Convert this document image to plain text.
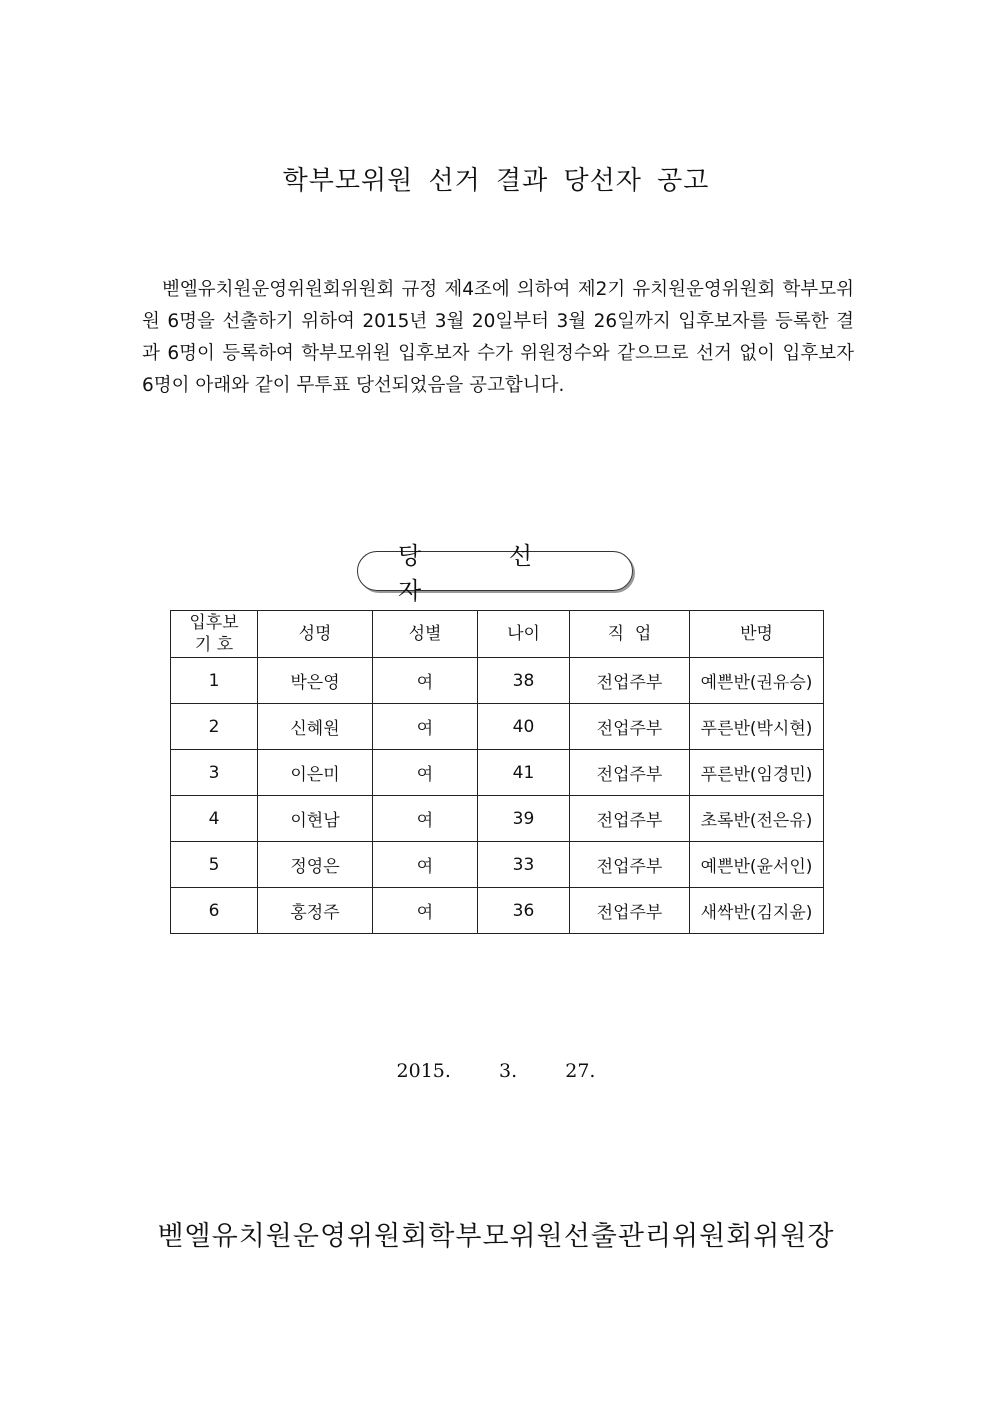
학부모위원 선거 결과 당선자 공고

벧엘유치원운영위원회위원회 규정 제4조에 의하여 제2기 유치원운영위원회 학부모위원 6명을 선출하기 위하여 2015년 3월 20일부터 3월 26일까지 입후보자를 등록한 결과 6명이 등록하여 학부모위원 입후보자 수가 위원정수와 같으므로 선거 없이 입후보자 6명이 아래와 같이 무투표 당선되었음을 공고합니다.

당 선 자
입후보
기 호	성명	성별	나이	직  업	반명
1	박은영	여	38	전업주부	예쁜반(권유승)
2	신혜원	여	40	전업주부	푸른반(박시현)
3	이은미	여	41	전업주부	푸른반(임경민)
4	이현남	여	39	전업주부	초록반(전은유)
5	정영은	여	33	전업주부	예쁜반(윤서인)
6	홍정주	여	36	전업주부	새싹반(김지윤)
2015.  3.  27.
벧엘유치원운영위원회학부모위원선출관리위원회위원장
